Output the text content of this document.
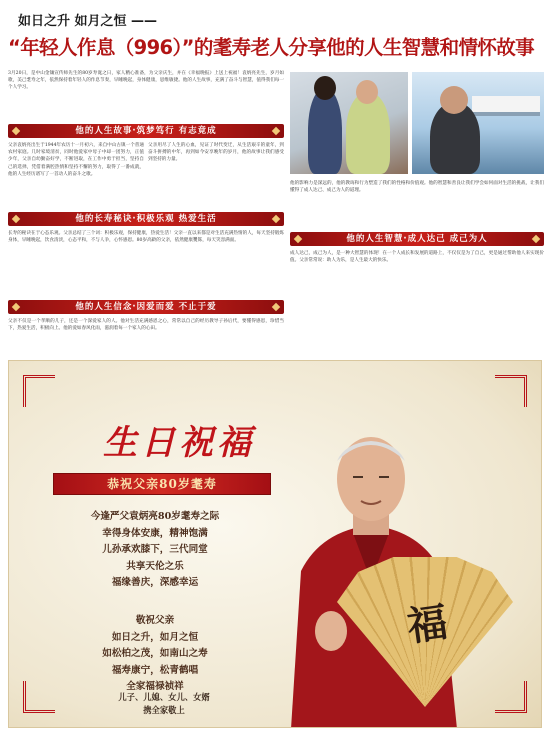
如日之升 如月之恒 ——
“年轻人作息（996）”的耄寿老人分享他的人生智慧和情怀故事
3月20日，是中山金镶宣传师先生的80岁寿诞之日，家人精心准备，为父亲庆生，并在《幸福晚报》上送上祝福！袁炳亮先生，岁月如歌，美己耄寿之年，依然保持着年轻人的作息节奏，早睡晚起，身体健康，思维敏捷。他的人生故事，充满了奋斗与智慧，值得我们每一个人学习。
他的人生故事·筑梦笃行 有志竟成
父亲袁炳亮出生于1944年农历十一月初六，来自中山古镇一个普通农村家庭。几时家境清贫，同时他爱家中母子中却一团努力，正值少年，父亲自幼勤奋好学，不断进取，在工作中勇于担当，坚持自己的选择，凭借着满腔热情和坚持不懈的努力，取得了一番成就，他的人生经历谱写了一首动人的奋斗之歌。
父亲用尽了人生的心血，见证了时代变迁，从生活艰辛的童年，到奋斗拼搏的中年，再到如今安享晚年的岁月，他的故事让我们感受到坚持的力量。
他的长寿秘诀·积极乐观 热爱生活
长寿的秘诀在于心态乐观。父亲总结了三个词：积极乐观，保持健康，热爱生活！父亲一直以来都是对生活充满热情的人，每天坚持锻炼身体，早睡晚起，饮食清淡，心态平和，不与人争，心怀感恩。80岁高龄的父亲，依然健康矍铄，每天笑容满面。
他的人生信念·因爱而爱 不止于爱
父亲不仅是一个孝顺的儿子，还是一个深爱家人的人。他对生活充满感恩之心，常常以自己的经历教导子孙后代，要懂得感恩，珍惜当下，热爱生活，积极向上。他的爱如春风化雨，滋润着每一个家人的心田。
他的影响力是深远的，他的教诲和行为塑造了我们的性格和价值观。他的智慧和善良让我们学会如何面对生活的挑战，让我们懂得了成人达己、成己为人的道理。
他的人生智慧·成人达己 成己为人
成人达己，成己为人，是一种大智慧的体现！在一个人成长和发展的道路上，不仅仅是为了自己，更是通过帮助他人来实现价值。父亲常常说：助人为乐，是人生最大的快乐。
生日祝福
恭祝父亲80岁耄寿
今逢严父袁炳亮80岁耄寿之际
幸得身体安康，精神饱满
儿孙承欢膝下，三代同堂
共享天伦之乐
福缘善庆，深感幸运
敬祝父亲
如日之升，如月之恒
如松柏之茂，如南山之寿
福寿康宁，松青鹤唱
全家福禄祯祥
儿子、儿媳、女儿、女婿
携全家敬上
福
